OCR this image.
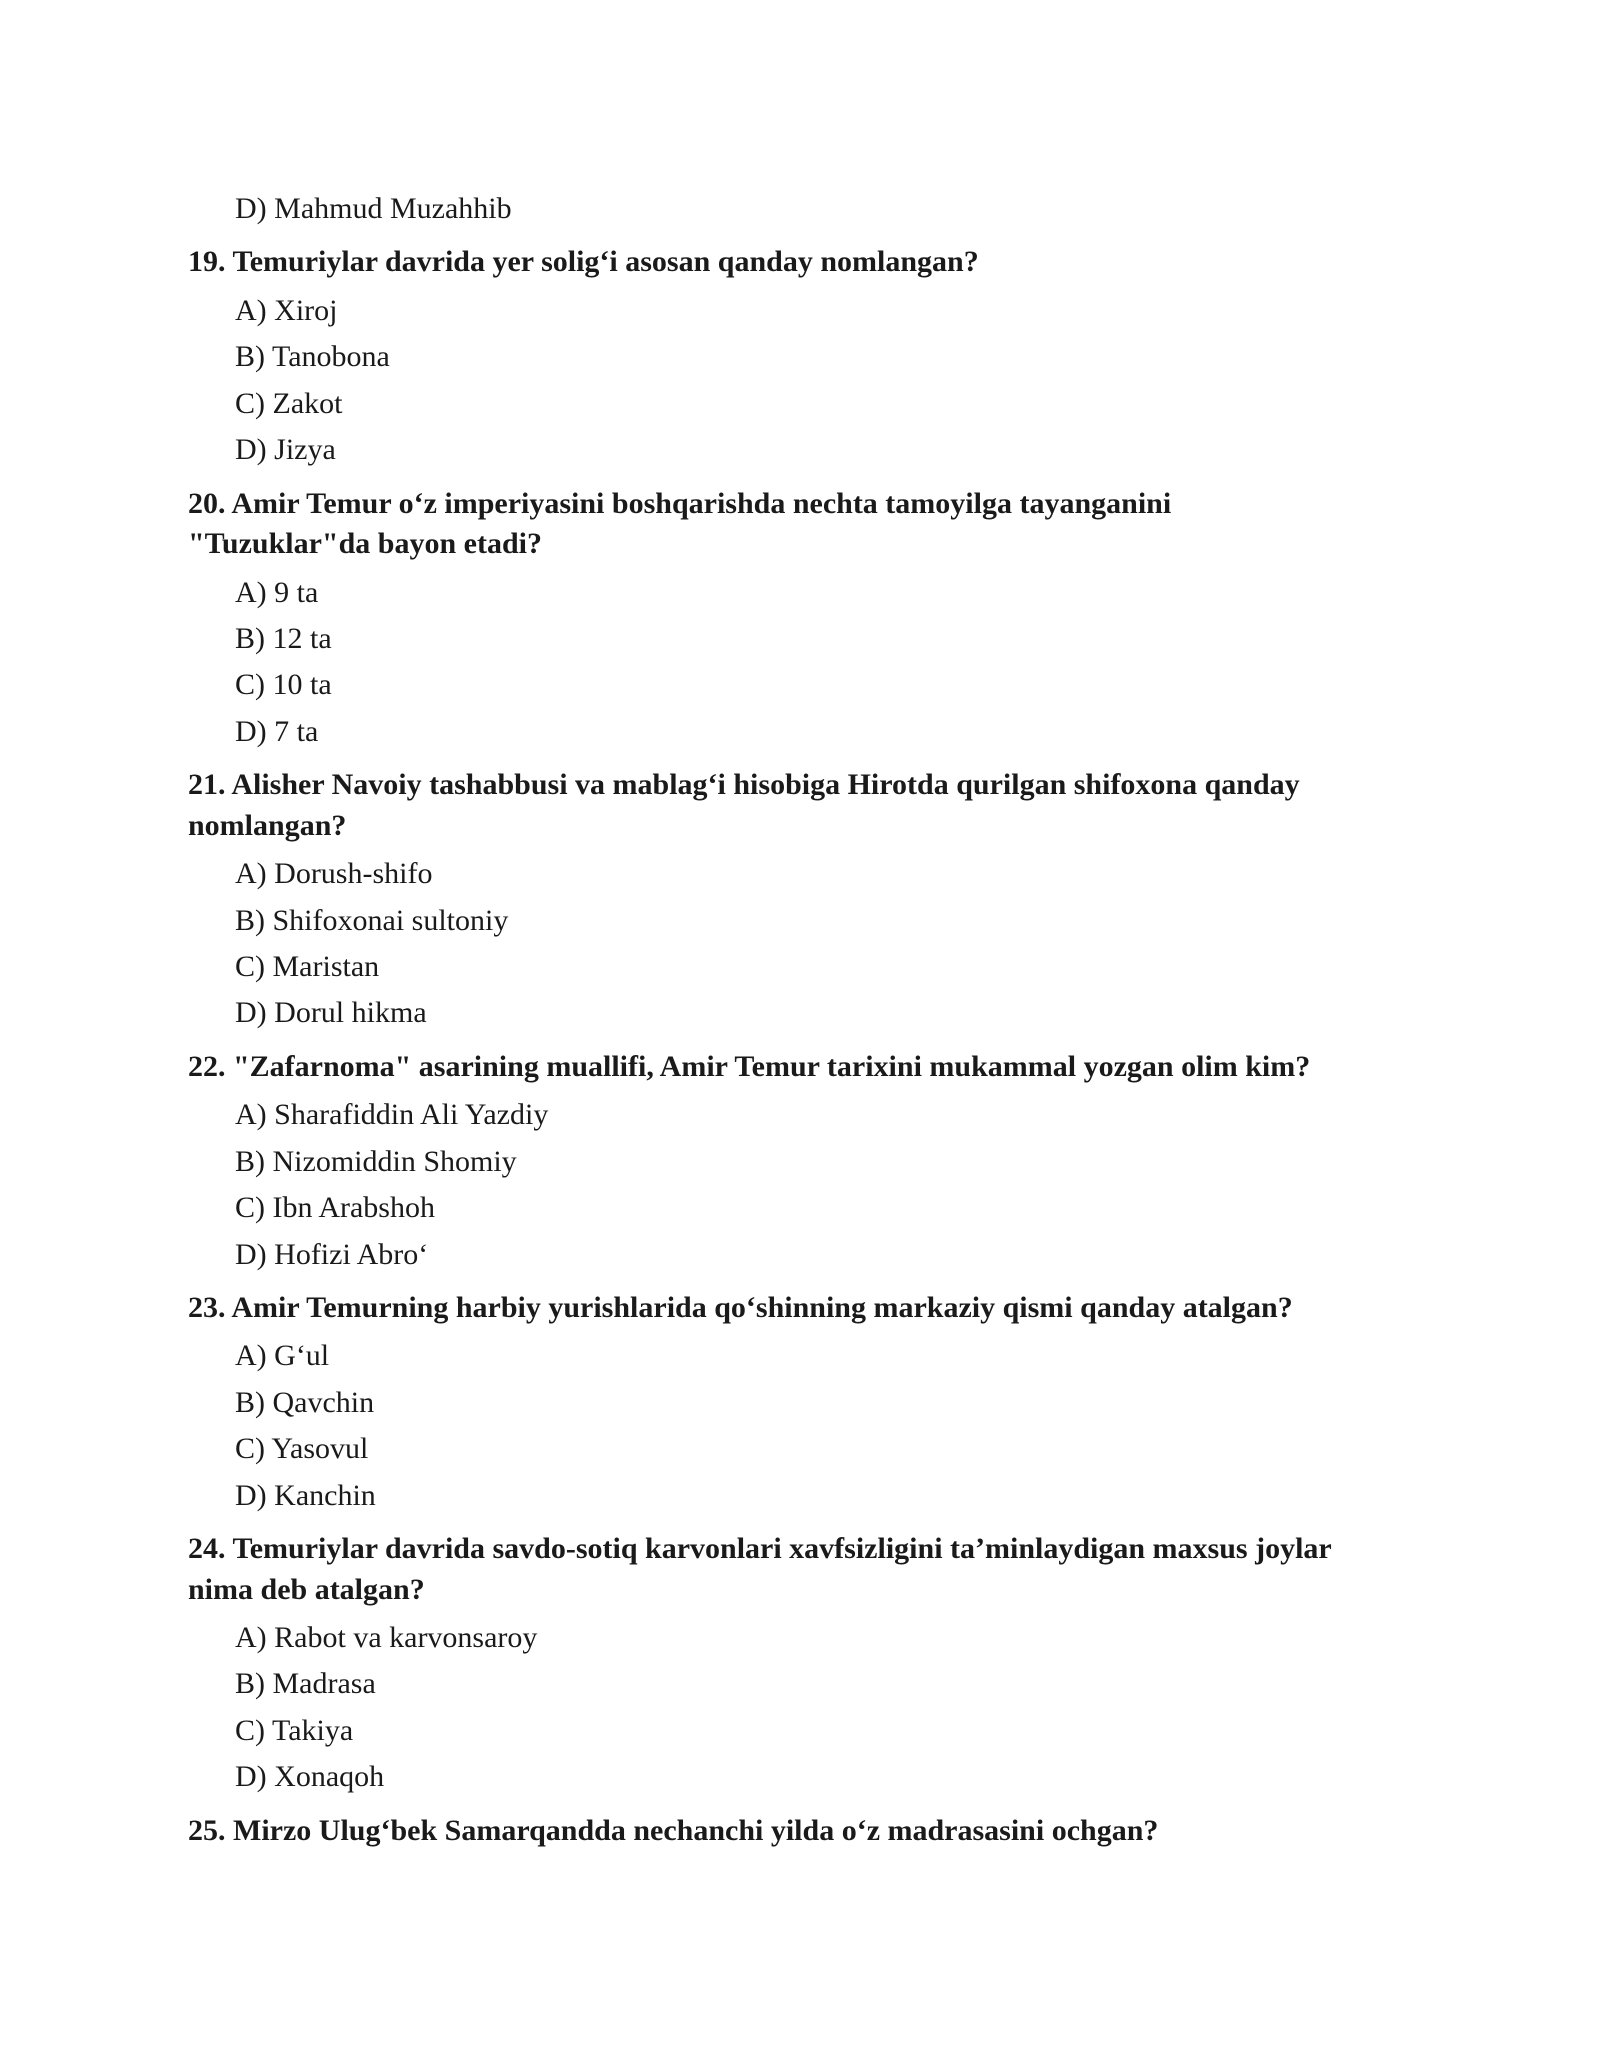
D) Mahmud Muzahhib
19. Temuriylar davrida yer solig‘i asosan qanday nomlangan?
A) Xiroj
B) Tanobona
C) Zakot
D) Jizya
20. Amir Temur o‘z imperiyasini boshqarishda nechta tamoyilga tayanganini
"Tuzuklar"da bayon etadi?
A) 9 ta
B) 12 ta
C) 10 ta
D) 7 ta
21. Alisher Navoiy tashabbusi va mablag‘i hisobiga Hirotda qurilgan shifoxona qanday
nomlangan?
A) Dorush-shifo
B) Shifoxonai sultoniy
C) Maristan
D) Dorul hikma
22. "Zafarnoma" asarining muallifi, Amir Temur tarixini mukammal yozgan olim kim?
A) Sharafiddin Ali Yazdiy
B) Nizomiddin Shomiy
C) Ibn Arabshoh
D) Hofizi Abro‘
23. Amir Temurning harbiy yurishlarida qo‘shinning markaziy qismi qanday atalgan?
A) G‘ul
B) Qavchin
C) Yasovul
D) Kanchin
24. Temuriylar davrida savdo-sotiq karvonlari xavfsizligini ta’minlaydigan maxsus joylar
nima deb atalgan?
A) Rabot va karvonsaroy
B) Madrasa
C) Takiya
D) Xonaqoh
25. Mirzo Ulug‘bek Samarqandda nechanchi yilda o‘z madrasasini ochgan?
